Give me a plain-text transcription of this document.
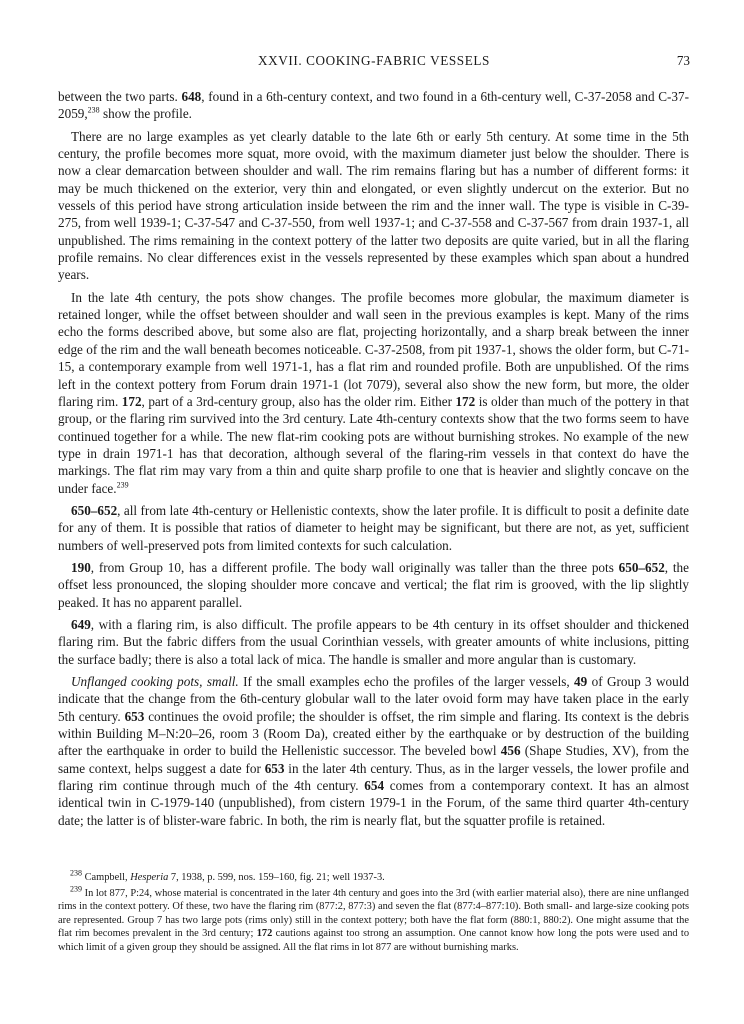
XXVII. COOKING-FABRIC VESSELS	73

between the two parts. 648, found in a 6th-century context, and two found in a 6th-century well, C-37-2058 and C-37-2059,$^{238}$ show the profile.

There are no large examples as yet clearly datable to the late 6th or early 5th century. At some time in the 5th century, the profile becomes more squat, more ovoid, with the maximum diameter just below the shoulder. There is now a clear demarcation between shoulder and wall. The rim remains flaring but has a number of different forms: it may be much thickened on the exterior, very thin and elongated, or even slightly undercut on the exterior. But no vessels of this period have strong articulation inside between the rim and the inner wall. The type is visible in C-39-275, from well 1939-1; C-37-547 and C-37-550, from well 1937-1; and C-37-558 and C-37-567 from drain 1937-1, all unpublished. The rims remaining in the context pottery of the latter two deposits are quite varied, but in all the flaring profile remains. No clear differences exist in the vessels represented by these examples which span about a hundred years.

In the late 4th century, the pots show changes. The profile becomes more globular, the maximum diameter is retained longer, while the offset between shoulder and wall seen in the previous examples is kept. Many of the rims echo the forms described above, but some also are flat, projecting horizontally, and a sharp break between the inner edge of the rim and the wall beneath becomes noticeable. C-37-2508, from pit 1937-1, shows the older form, but C-71-15, a contemporary example from well 1971-1, has a flat rim and rounded profile. Both are unpublished. Of the rims left in the context pottery from Forum drain 1971-1 (lot 7079), several also show the new form, but more, the older flaring rim. 172, part of a 3rd-century group, also has the older rim. Either 172 is older than much of the pottery in that group, or the flaring rim survived into the 3rd century. Late 4th-century contexts show that the two forms seem to have continued together for a while. The new flat-rim cooking pots are without burnishing strokes. No example of the new type in drain 1971-1 has that decoration, although several of the flaring-rim vessels in that context do have the markings. The flat rim may vary from a thin and quite sharp profile to one that is heavier and slightly concave on the under face.$^{239}$

650–652, all from late 4th-century or Hellenistic contexts, show the later profile. It is difficult to posit a definite date for any of them. It is possible that ratios of diameter to height may be significant, but there are not, as yet, sufficient numbers of well-preserved pots from limited contexts for such calculation.

190, from Group 10, has a different profile. The body wall originally was taller than the three pots 650–652, the offset less pronounced, the sloping shoulder more concave and vertical; the flat rim is grooved, with the lip slightly peaked. It has no apparent parallel.

649, with a flaring rim, is also difficult. The profile appears to be 4th century in its offset shoulder and thickened flaring rim. But the fabric differs from the usual Corinthian vessels, with greater amounts of white inclusions, pitting the surface badly; there is also a total lack of mica. The handle is smaller and more angular than is customary.

Unflanged cooking pots, small. If the small examples echo the profiles of the larger vessels, 49 of Group 3 would indicate that the change from the 6th-century globular wall to the later ovoid form may have taken place in the early 5th century. 653 continues the ovoid profile; the shoulder is offset, the rim simple and flaring. Its context is the debris within Building M–N:20–26, room 3 (Room Da), created either by the earthquake or by destruction of the building after the earthquake in order to build the Hellenistic successor. The beveled bowl 456 (Shape Studies, XV), from the same context, helps suggest a date for 653 in the later 4th century. Thus, as in the larger vessels, the lower profile and flaring rim continue through much of the 4th century. 654 comes from a contemporary context. It has an almost identical twin in C-1979-140 (unpublished), from cistern 1979-1 in the Forum, of the same third quarter 4th-century date; the latter is of blister-ware fabric. In both, the rim is nearly flat, but the squatter profile is retained.

$^{238}$ Campbell, Hesperia 7, 1938, p. 599, nos. 159–160, fig. 21; well 1937-3.

$^{239}$ In lot 877, P:24, whose material is concentrated in the later 4th century and goes into the 3rd (with earlier material also), there are nine unflanged rims in the context pottery. Of these, two have the flaring rim (877:2, 877:3) and seven the flat (877:4–877:10). Both small- and large-size cooking pots are represented. Group 7 has two large pots (rims only) still in the context pottery; both have the flat form (880:1, 880:2). One might assume that the flat rim becomes prevalent in the 3rd century; 172 cautions against too strong an assumption. One cannot know how long the pots were used and to which limit of a given group they should be assigned. All the flat rims in lot 877 are without burnishing marks.
